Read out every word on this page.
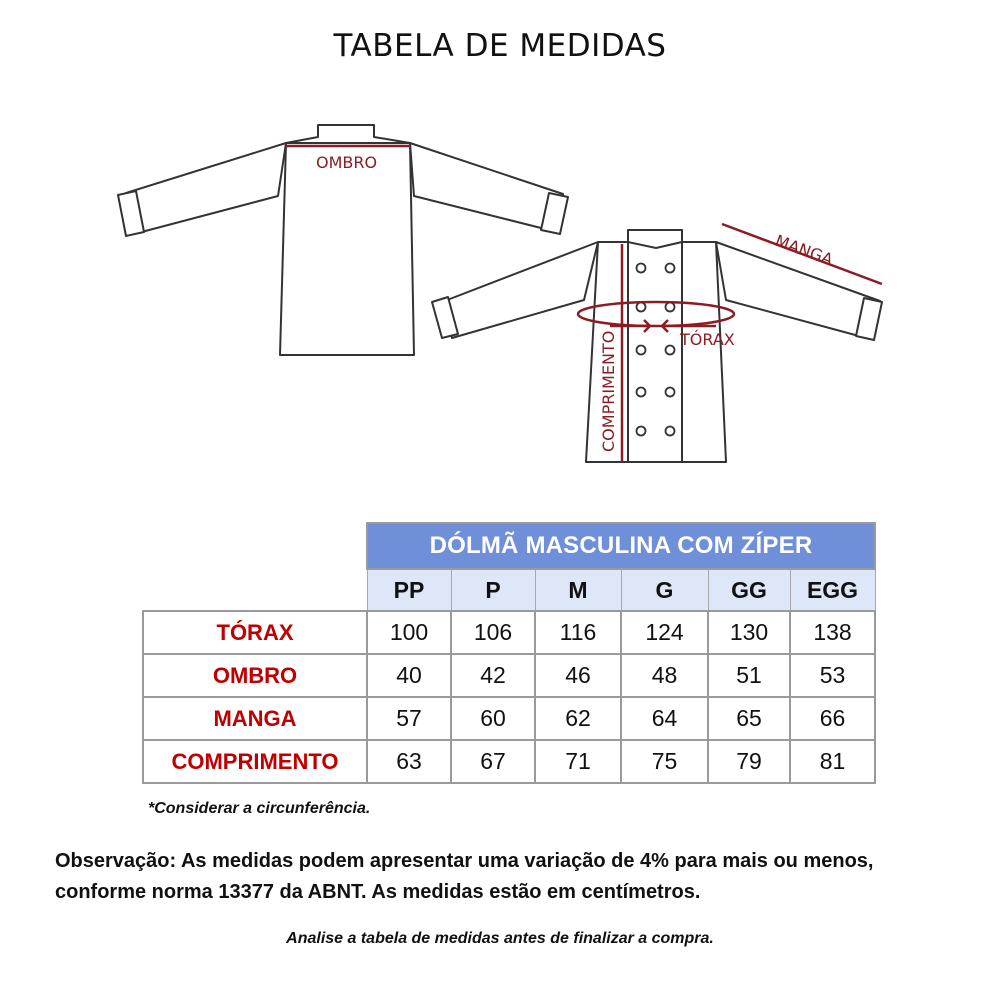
TABELA DE MEDIDAS
OMBRO
TÓRAX
COMPRIMENTO
MANGA
	DÓLMÃ MASCULINA COM ZÍPER					
	PP	P	M	G	GG	EGG
TÓRAX	100	106	116	124	130	138
OMBRO	40	42	46	48	51	53
MANGA	57	60	62	64	65	66
COMPRIMENTO	63	67	71	75	79	81
*Considerar a circunferência.
Observação: As medidas podem apresentar uma variação de 4% para mais ou menos, conforme norma 13377 da ABNT. As medidas estão em centímetros.
Analise a tabela de medidas antes de finalizar a compra.
